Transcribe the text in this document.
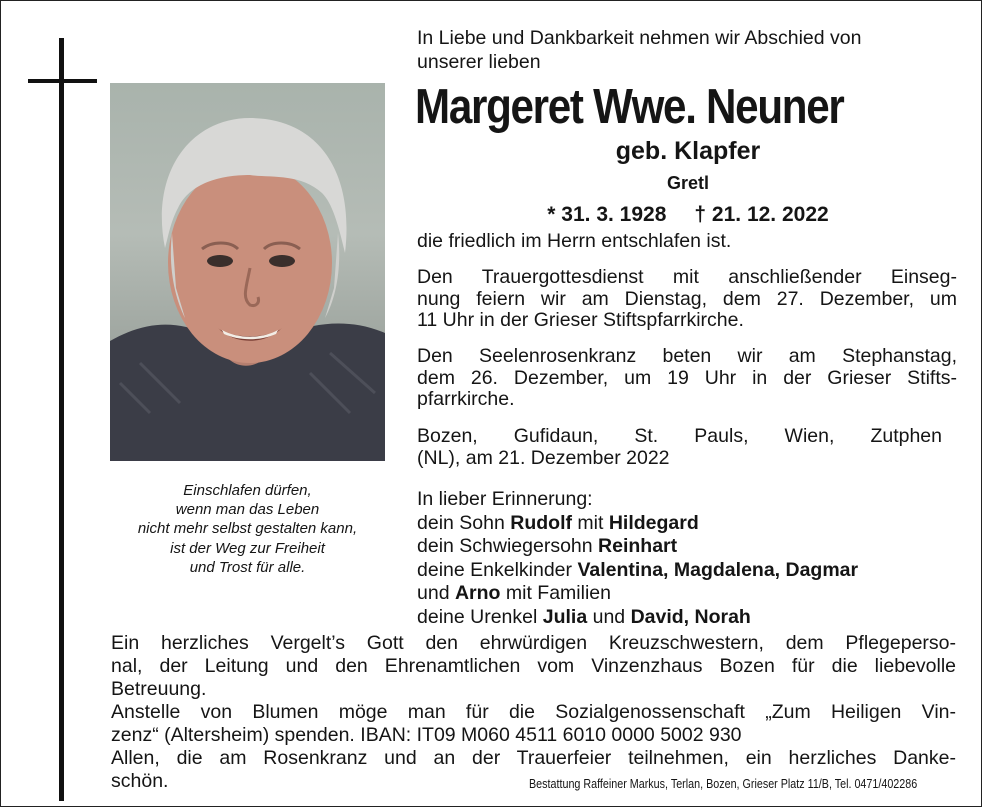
Einschlafen dürfen,
wenn man das Leben
nicht mehr selbst gestalten kann,
ist der Weg zur Freiheit
und Trost für alle.
In Liebe und Dankbarkeit nehmen wir Abschied von
unserer lieben
Margeret Wwe. Neuner
geb. Klapfer
Gretl
* 31. 3. 1928 † 21. 12. 2022
die friedlich im Herrn entschlafen ist.
Den Trauergottesdienst mit anschließender Einseg-
nung feiern wir am Dienstag, dem 27. Dezember, um
11 Uhr in der Grieser Stiftspfarrkirche.
Den Seelenrosenkranz beten wir am Stephanstag,
dem 26. Dezember, um 19 Uhr in der Grieser Stifts-
pfarrkirche.
Bozen, Gufidaun, St. Pauls, Wien, Zutphen
(NL), am 21. Dezember 2022
In lieber Erinnerung:
dein Sohn Rudolf mit Hildegard
dein Schwiegersohn Reinhart
deine Enkelkinder Valentina, Magdalena, Dagmar
und Arno mit Familien
deine Urenkel Julia und David, Norah
Ein herzliches Vergelt’s Gott den ehrwürdigen Kreuzschwestern, dem Pflegeperso-
nal, der Leitung und den Ehrenamtlichen vom Vinzenzhaus Bozen für die liebevolle
Betreuung.
Anstelle von Blumen möge man für die Sozialgenossenschaft „Zum Heiligen Vin-
zenz“ (Altersheim) spenden. IBAN: IT09 M060 4511 6010 0000 5002 930
Allen, die am Rosenkranz und an der Trauerfeier teilnehmen, ein herzliches Danke-
schön.	Bestattung Raffeiner Markus, Terlan, Bozen, Grieser Platz 11/B, Tel. 0471/402286
